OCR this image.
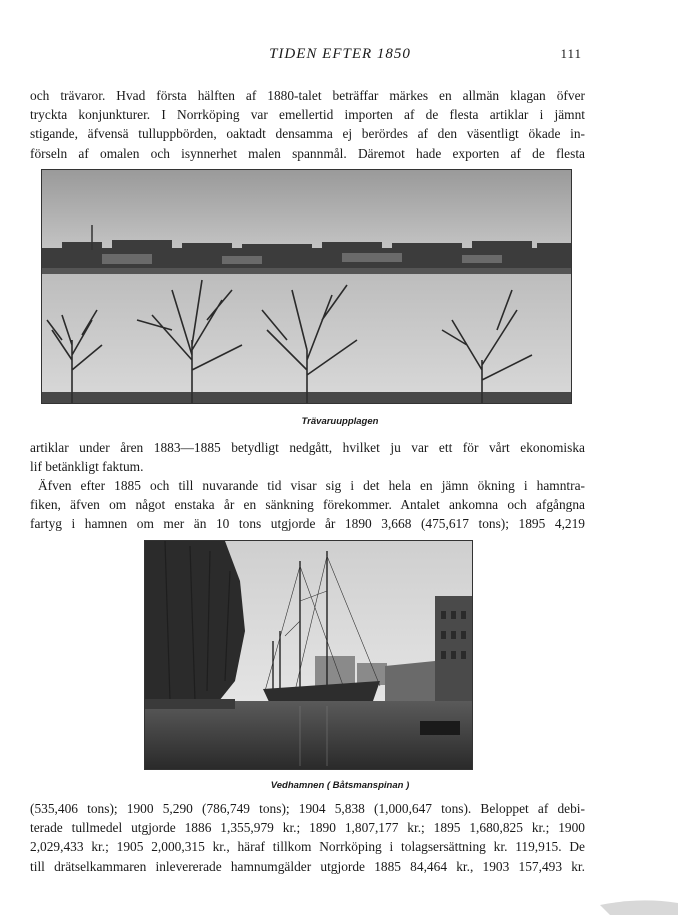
TIDEN EFTER 1850	111
och trävaror. Hvad första hälften af 1880-talet beträffar märkes en allmän klagan öfver
tryckta konjunkturer. I Norrköping var emellertid importen af de flesta artiklar i jämnt
stigande, äfvensä tulluppbörden, oaktadt densamma ej berördes af den väsentligt ökade in-
förseln af omalen och isynnerhet malen spannmål. Däremot hade exporten af de flesta
Trävaruupplagen
artiklar under åren 1883—1885 betydligt nedgått, hvilket ju var ett för vårt ekonomiska
lif betänkligt faktum.
Äfven efter 1885 och till nuvarande tid visar sig i det hela en jämn ökning i hamntra-
fiken, äfven om något enstaka år en sänkning förekommer. Antalet ankomna och afgångna
fartyg i hamnen om mer än 10 tons utgjorde år 1890 3,668 (475,617 tons); 1895 4,219
Vedhamnen ( Båtsmanspinan )
(535,406 tons); 1900 5,290 (786,749 tons); 1904 5,838 (1,000,647 tons). Beloppet af debi-
terade tullmedel utgjorde 1886 1,355,979 kr.; 1890 1,807,177 kr.; 1895 1,680,825 kr.; 1900
2,029,433 kr.; 1905 2,000,315 kr., häraf tillkom Norrköping i tolagsersättning kr. 119,915. De
till drätselkammaren inlevererade hamnumgälder utgjorde 1885 84,464 kr., 1903 157,493 kr.
